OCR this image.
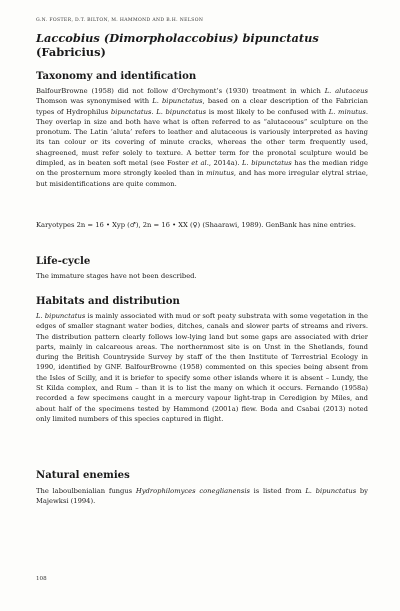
G.N. FOSTER, D.T. BILTON, M. HAMMOND AND B.H. NELSON
Laccobius (Dimorpholaccobius) bipunctatus (Fabricius)
Taxonomy and identification

BalfourBrowne (1958) did not follow d’Orchymont’s (1930) treatment in which L. alutaceus Thomson was synonymised with L. bipunctatus, based on a clear description of the Fabrician types of Hydrophilus bipunctatus. L. bipunctatus is most likely to be confused with L. minutus. They overlap in size and both have what is often referred to as “alutaceous” sculpture on the pronotum. The Latin ‘aluta’ refers to leather and alutaceous is variously interpreted as having its tan colour or its covering of minute cracks, whereas the other term frequently used, shagreened, must refer solely to texture. A better term for the pronotal sculpture would be dimpled, as in beaten soft metal (see Foster et al., 2014a). L. bipunctatus has the median ridge on the prosternum more strongly keeled than in minutus, and has more irregular elytral striae, but misidentifications are quite common.

Karyotypes 2n = 16 • Xyp (♂), 2n = 16 • XX (♀) (Shaarawi, 1989). GenBank has nine entries.

Life-cycle

The immature stages have not been described.

Habitats and distribution

L. bipunctatus is mainly associated with mud or soft peaty substrata with some vegetation in the edges of smaller stagnant water bodies, ditches, canals and slower parts of streams and rivers. The distribution pattern clearly follows low-lying land but some gaps are associated with drier parts, mainly in calcareous areas. The northernmost site is on Unst in the Shetlands, found during the British Countryside Survey by staff of the then Institute of Terrestrial Ecology in 1990, identified by GNF. BalfourBrowne (1958) commented on this species being absent from the Isles of Scilly, and it is briefer to specify some other islands where it is absent – Lundy, the St Kilda complex, and Rum – than it is to list the many on which it occurs. Fernando (1958a) recorded a few specimens caught in a mercury vapour light-trap in Ceredigion by Miles, and about half of the specimens tested by Hammond (2001a) flew. Boda and Csabai (2013) noted only limited numbers of this species captured in flight.

Natural enemies

The laboulbenialian fungus Hydrophilomyces coneglianensis is listed from L. bipunctatus by Majewksi (1994).

108
